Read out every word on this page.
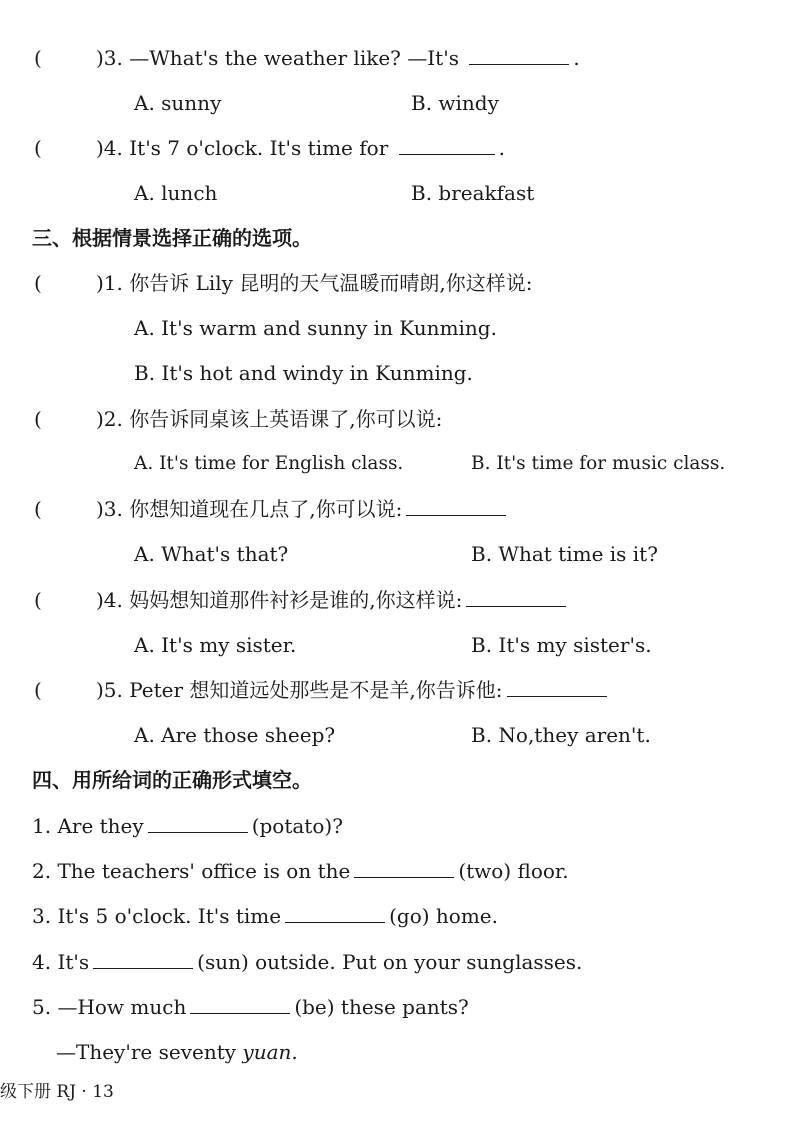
(	)3. —What's the weather like? —It's	.
A. sunny	B. windy
(	)4. It's 7 o'clock. It's time for	.
A. lunch	B. breakfast
三、根据情景选择正确的选项。
(	)1. 你告诉 Lily 昆明的天气温暖而晴朗,你这样说:
A. It's warm and sunny in Kunming.
B. It's hot and windy in Kunming.
(	)2. 你告诉同桌该上英语课了,你可以说:
A. It's time for English class.	B. It's time for music class.
(	)3. 你想知道现在几点了,你可以说:
A. What's that?	B. What time is it?
(	)4. 妈妈想知道那件衬衫是谁的,你这样说:
A. It's my sister.	B. It's my sister's.
(	)5. Peter 想知道远处那些是不是羊,你告诉他:
A. Are those sheep?	B. No,they aren't.
四、用所给词的正确形式填空。
1. Are they	(potato)?
2. The teachers' office is on the	(two) floor.
3. It's 5 o'clock. It's time	(go) home.
4. It's	(sun) outside. Put on your sunglasses.
5. —How much	(be) these pants?
—They're seventy yuan.
级下册 RJ · 13
